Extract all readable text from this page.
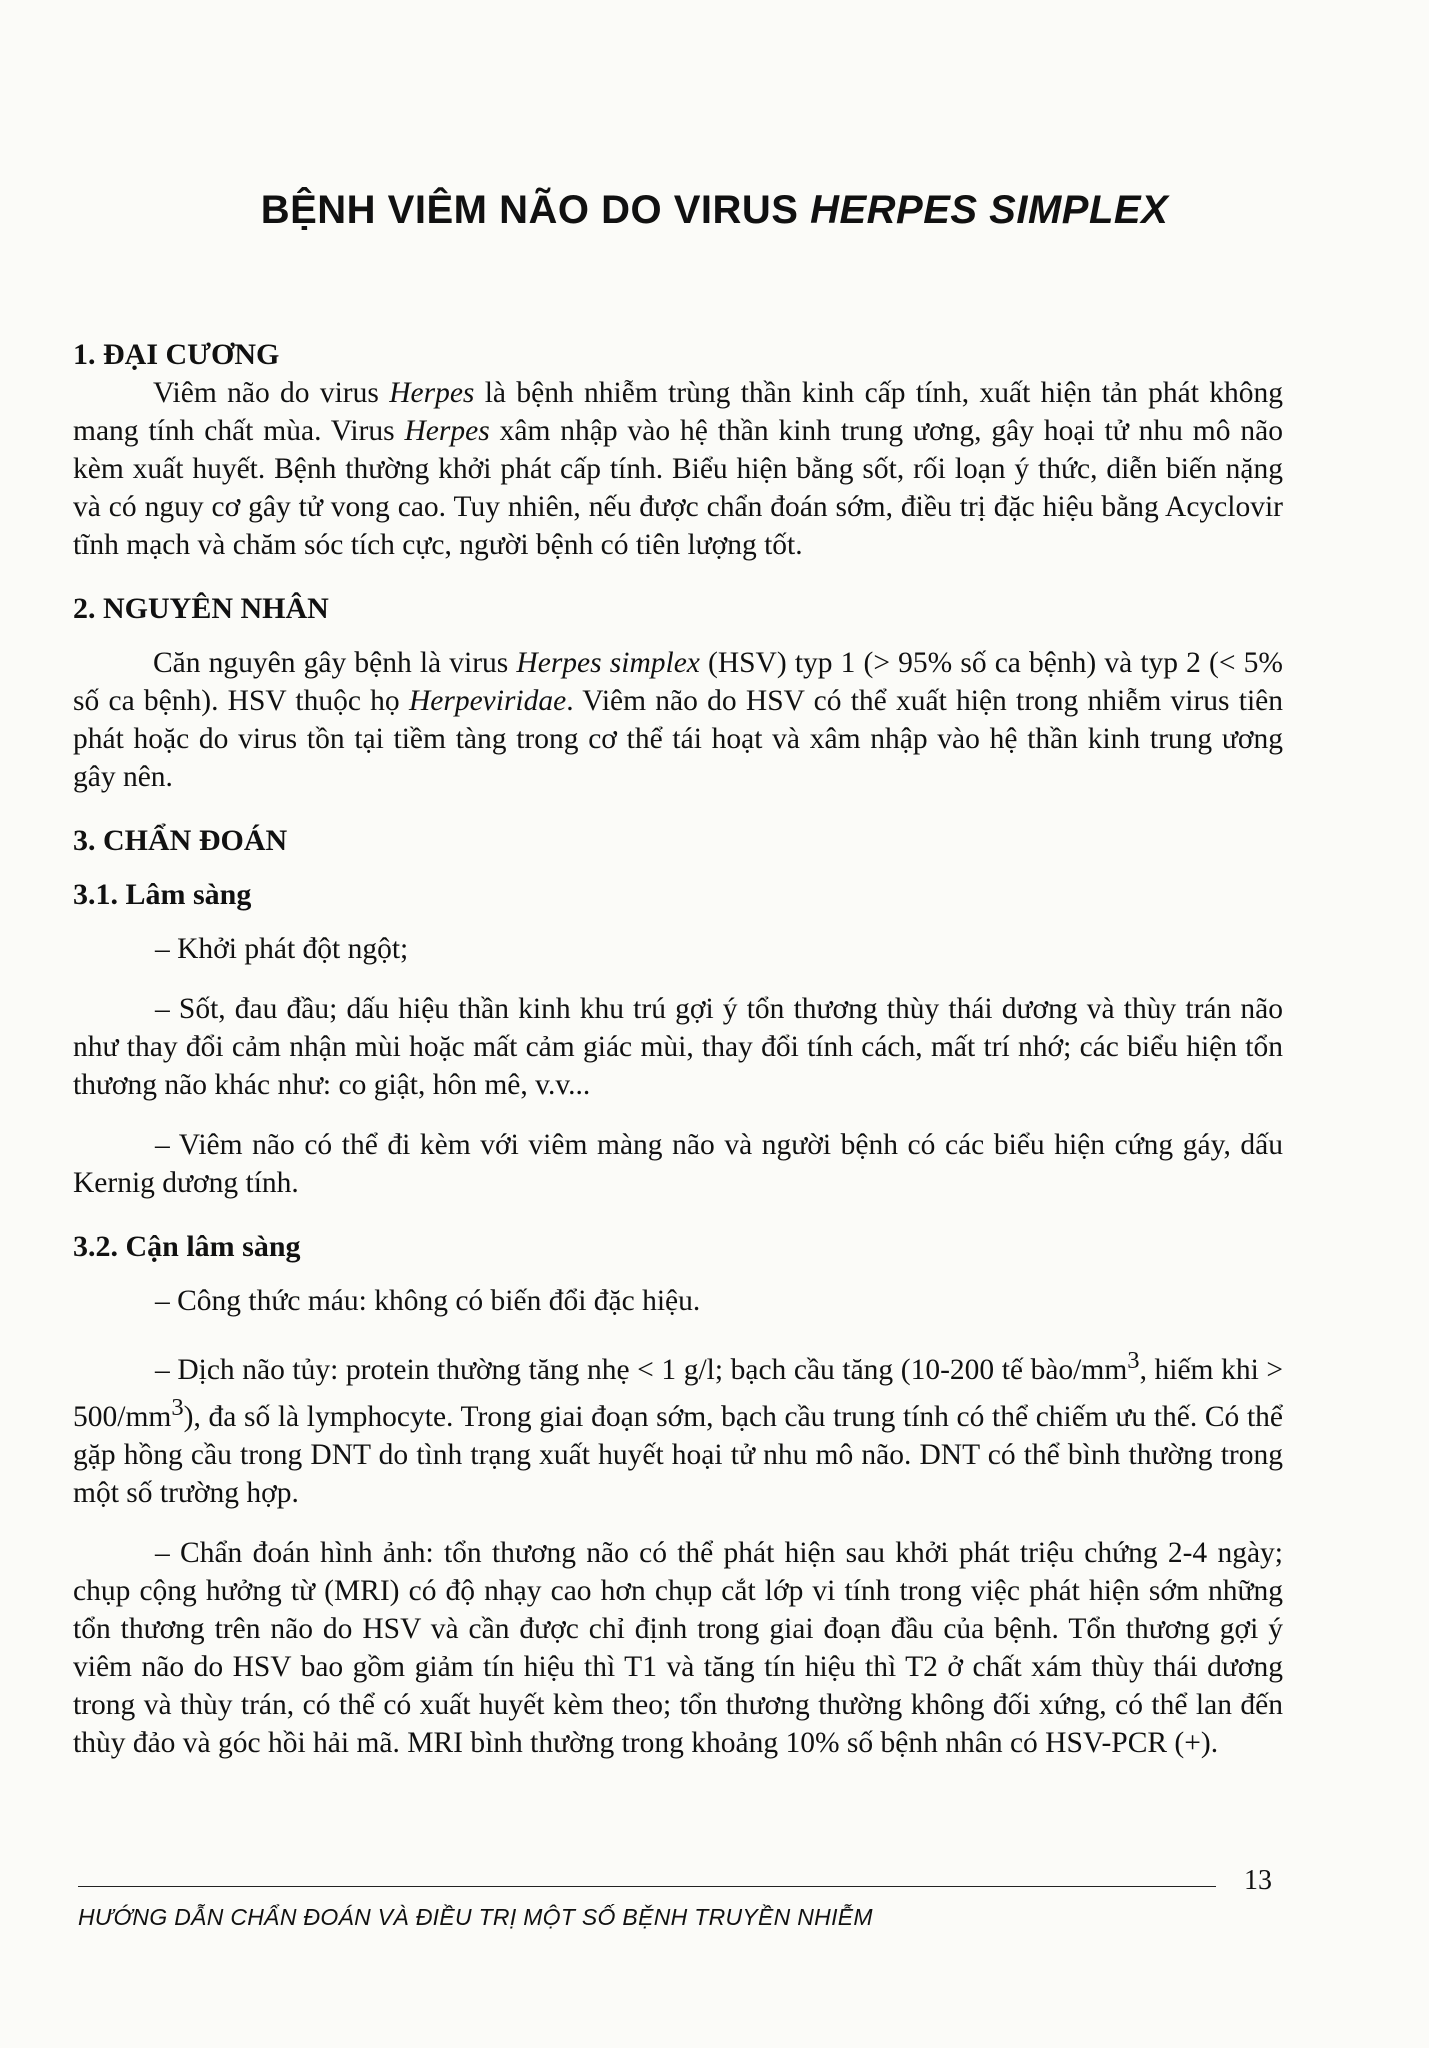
BỆNH VIÊM NÃO DO VIRUS HERPES SIMPLEX
1. ĐẠI CƯƠNG

Viêm não do virus Herpes là bệnh nhiễm trùng thần kinh cấp tính, xuất hiện tản phát không mang tính chất mùa. Virus Herpes xâm nhập vào hệ thần kinh trung ương, gây hoại tử nhu mô não kèm xuất huyết. Bệnh thường khởi phát cấp tính. Biểu hiện bằng sốt, rối loạn ý thức, diễn biến nặng và có nguy cơ gây tử vong cao. Tuy nhiên, nếu được chẩn đoán sớm, điều trị đặc hiệu bằng Acyclovir tĩnh mạch và chăm sóc tích cực, người bệnh có tiên lượng tốt.

2. NGUYÊN NHÂN

Căn nguyên gây bệnh là virus Herpes simplex (HSV) typ 1 (> 95% số ca bệnh) và typ 2 (< 5% số ca bệnh). HSV thuộc họ Herpeviridae. Viêm não do HSV có thể xuất hiện trong nhiễm virus tiên phát hoặc do virus tồn tại tiềm tàng trong cơ thể tái hoạt và xâm nhập vào hệ thần kinh trung ương gây nên.

3. CHẨN ĐOÁN
3.1. Lâm sàng

– Khởi phát đột ngột;

– Sốt, đau đầu; dấu hiệu thần kinh khu trú gợi ý tổn thương thùy thái dương và thùy trán não như thay đổi cảm nhận mùi hoặc mất cảm giác mùi, thay đổi tính cách, mất trí nhớ; các biểu hiện tổn thương não khác như: co giật, hôn mê, v.v...

– Viêm não có thể đi kèm với viêm màng não và người bệnh có các biểu hiện cứng gáy, dấu Kernig dương tính.

3.2. Cận lâm sàng

– Công thức máu: không có biến đổi đặc hiệu.

– Dịch não tủy: protein thường tăng nhẹ < 1 g/l; bạch cầu tăng (10-200 tế bào/$mm^3$, hiếm khi > $500/mm^3$), đa số là lymphocyte. Trong giai đoạn sớm, bạch cầu trung tính có thể chiếm ưu thế. Có thể gặp hồng cầu trong DNT do tình trạng xuất huyết hoại tử nhu mô não. DNT có thể bình thường trong một số trường hợp.

– Chẩn đoán hình ảnh: tổn thương não có thể phát hiện sau khởi phát triệu chứng 2-4 ngày; chụp cộng hưởng từ (MRI) có độ nhạy cao hơn chụp cắt lớp vi tính trong việc phát hiện sớm những tổn thương trên não do HSV và cần được chỉ định trong giai đoạn đầu của bệnh. Tổn thương gợi ý viêm não do HSV bao gồm giảm tín hiệu thì T1 và tăng tín hiệu thì T2 ở chất xám thùy thái dương trong và thùy trán, có thể có xuất huyết kèm theo; tổn thương thường không đối xứng, có thể lan đến thùy đảo và góc hồi hải mã. MRI bình thường trong khoảng 10% số bệnh nhân có HSV-PCR (+).

13
HƯỚNG DẪN CHẨN ĐOÁN VÀ ĐIỀU TRỊ MỘT SỐ BỆNH TRUYỀN NHIỄM
